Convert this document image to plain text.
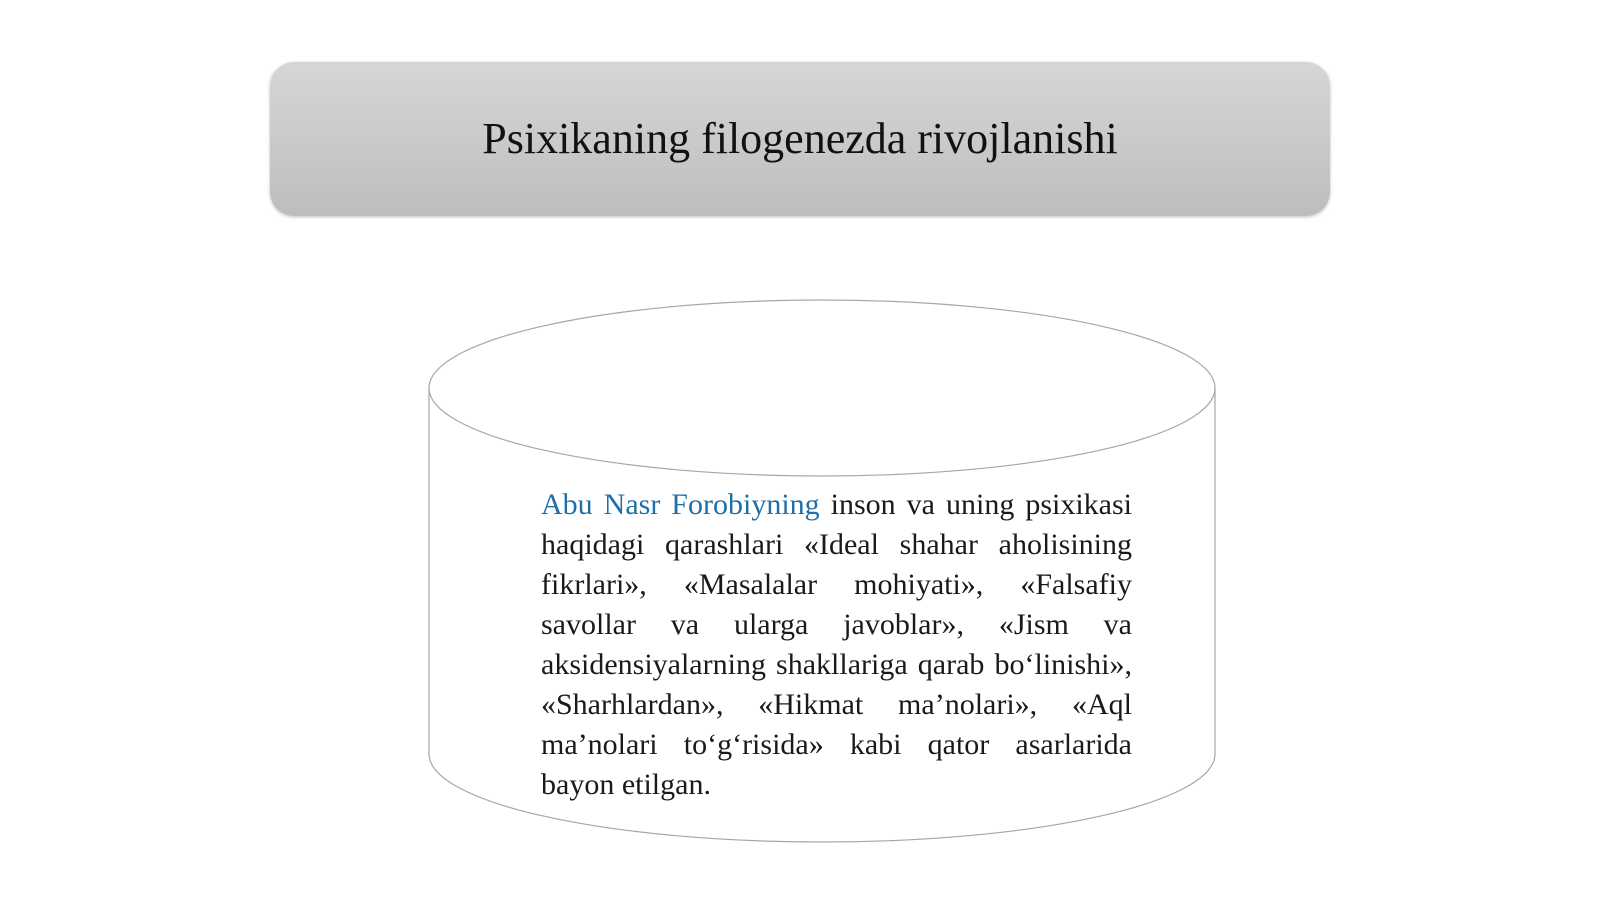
Psixikaning filogenezda rivojlanishi
Abu Nasr Forobiyning inson va uning psixikasi haqidagi qarashlari «Ideal shahar aholisining fikrlari», «Masalalar mohiyati», «Falsafiy savollar va ularga javoblar», «Jism va aksidensiyalarning shakllariga qarab bo‘linishi», «Sharhlardan», «Hikmat ma’nolari», «Aql ma’nolari to‘g‘risida» kabi qator asarlarida bayon etilgan.
